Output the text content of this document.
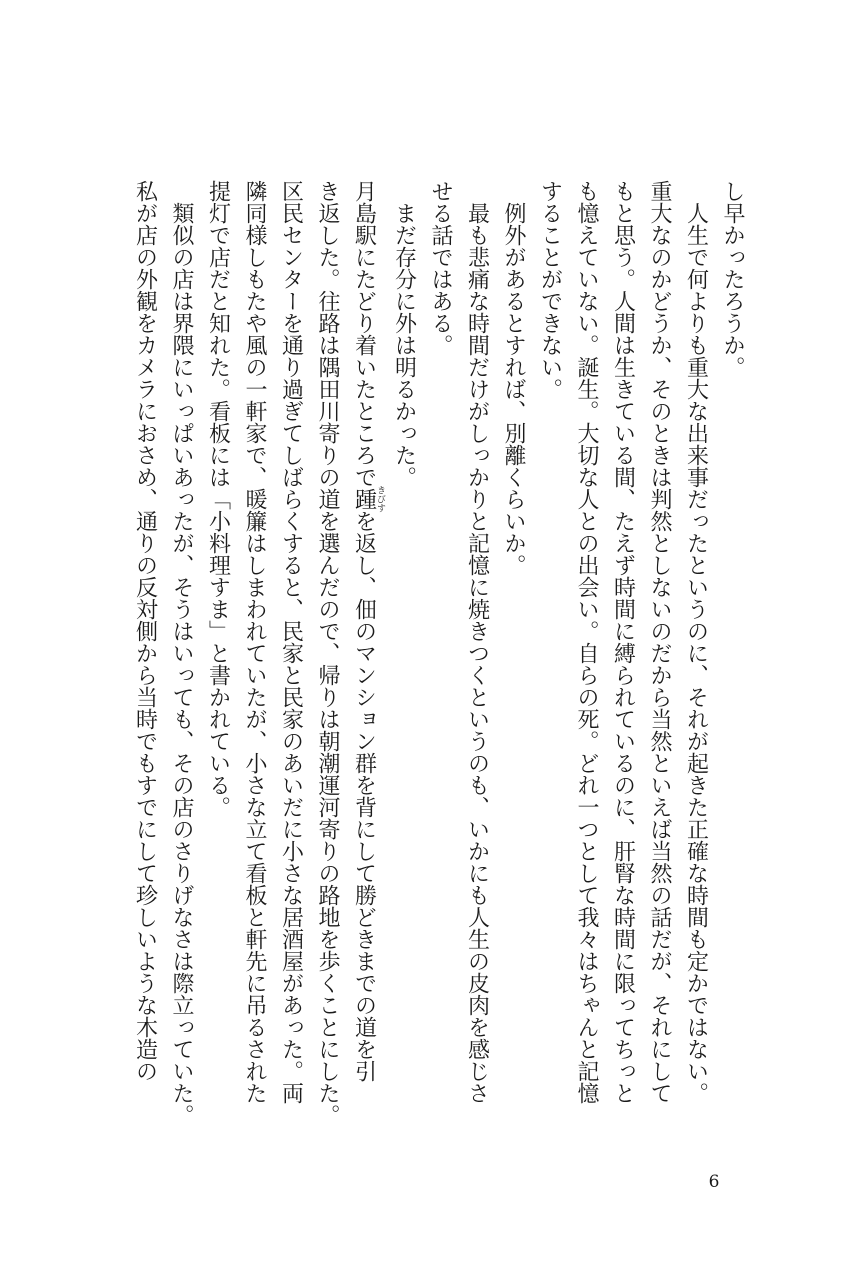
し早かったろうか。

人生で何よりも重大な出来事だったというのに、それが起きた正確な時間も定かではない。

重大なのかどうか、そのときは判然としないのだから当然といえば当然の話だが、それにして

もと思う。人間は生きている間、たえず時間に縛られているのに、肝腎な時間に限ってちっと

も憶えていない。誕生。大切な人との出会い。自らの死。どれ一つとして我々はちゃんと記憶

することができない。

例外があるとすれば、別離くらいか。

最も悲痛な時間だけがしっかりと記憶に焼きつくというのも、いかにも人生の皮肉を感じさ

せる話ではある。

まだ存分に外は明るかった。

月島駅にたどり着いたところで踵きびすを返し、佃のマンション群を背にして勝どきまでの道を引

き返した。往路は隅田川寄りの道を選んだので、帰りは朝潮運河寄りの路地を歩くことにした。

区民センターを通り過ぎてしばらくすると、民家と民家のあいだに小さな居酒屋があった。両

隣同様しもたや風の一軒家で、暖簾はしまわれていたが、小さな立て看板と軒先に吊るされた

提灯で店だと知れた。看板には「小料理すま」と書かれている。

類似の店は界隈にいっぱいあったが、そうはいっても、その店のさりげなさは際立っていた。

私が店の外観をカメラにおさめ、通りの反対側から当時でもすでにして珍しいような木造の

6
